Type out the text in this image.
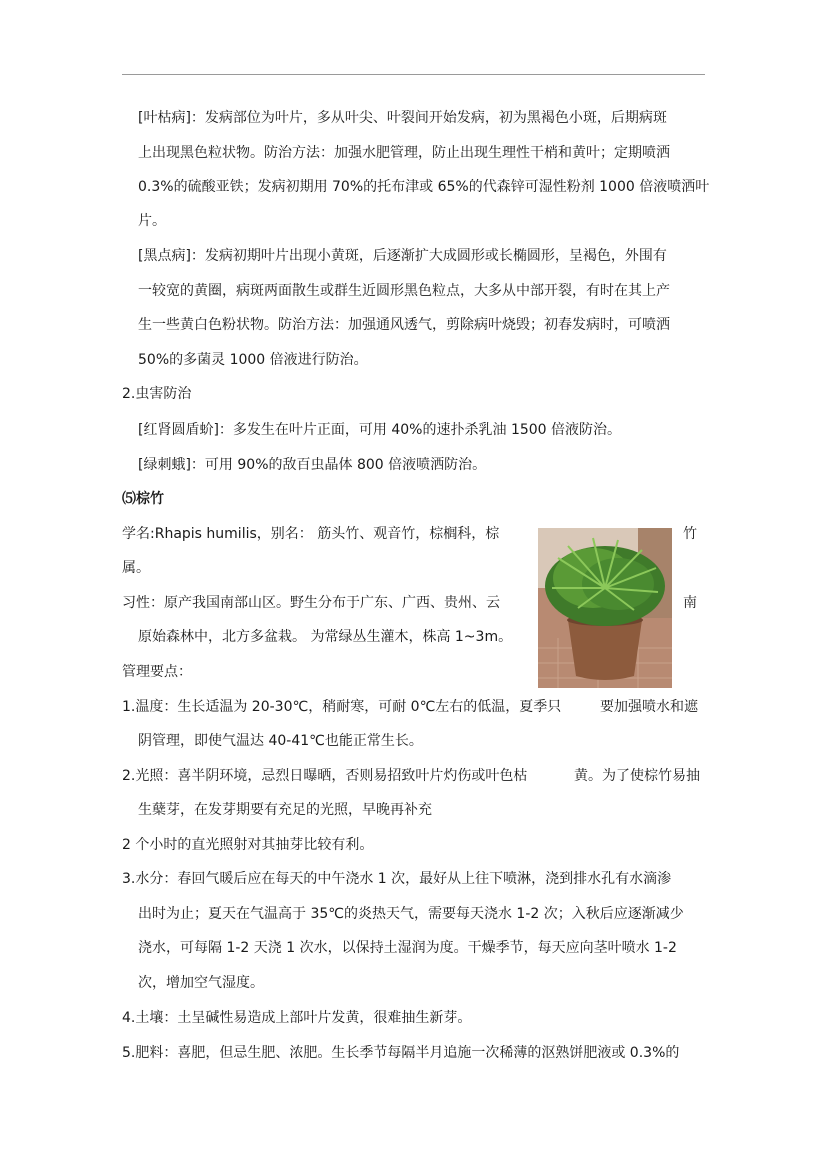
[叶枯病]：发病部位为叶片，多从叶尖、叶裂间开始发病，初为黑褐色小斑，后期病斑
上出现黑色粒状物。防治方法：加强水肥管理，防止出现生理性干梢和黄叶；定期喷洒
0.3%的硫酸亚铁；发病初期用 70%的托布津或 65%的代森锌可湿性粉剂 1000 倍液喷洒叶
片。
[黑点病]：发病初期叶片出现小黄斑，后逐渐扩大成圆形或长椭圆形，呈褐色，外围有
一较宽的黄圈，病斑两面散生或群生近圆形黑色粒点，大多从中部开裂，有时在其上产
生一些黄白色粉状物。防治方法：加强通风透气，剪除病叶烧毁；初春发病时，可喷洒
50%的多菌灵 1000 倍液进行防治。
2.虫害防治
[红肾圆盾蚧]：多发生在叶片正面，可用 40%的速扑杀乳油 1500 倍液防治。
[绿刺蛾]：可用 90%的敌百虫晶体 800 倍液喷洒防治。
⑸棕竹
学名:Rhapis humilis，别名： 筋头竹、观音竹，棕榈科，棕	竹
属。
习性：原产我国南部山区。野生分布于广东、广西、贵州、云	南
原始森林中，北方多盆栽。 为常绿丛生灌木，株高 1~3m。
管理要点：
1.温度：生长适温为 20-30℃，稍耐寒，可耐 0℃左右的低温，夏季只	要加强喷水和遮
阴管理，即使气温达 40-41℃也能正常生长。
2.光照：喜半阴环境，忌烈日曝晒，否则易招致叶片灼伤或叶色枯	黄。为了使棕竹易抽
生蘖芽，在发芽期要有充足的光照，早晚再补充
2 个小时的直光照射对其抽芽比较有利。
3.水分：春回气暖后应在每天的中午浇水 1 次，最好从上往下喷淋，浇到排水孔有水滴渗
出时为止；夏天在气温高于 35℃的炎热天气，需要每天浇水 1-2 次；入秋后应逐渐减少
浇水，可每隔 1-2 天浇 1 次水，以保持土湿润为度。干燥季节，每天应向茎叶喷水 1-2
次，增加空气湿度。
4.土壤：土呈碱性易造成上部叶片发黄，很难抽生新芽。
5.肥料：喜肥，但忌生肥、浓肥。生长季节每隔半月追施一次稀薄的沤熟饼肥液或 0.3%的
